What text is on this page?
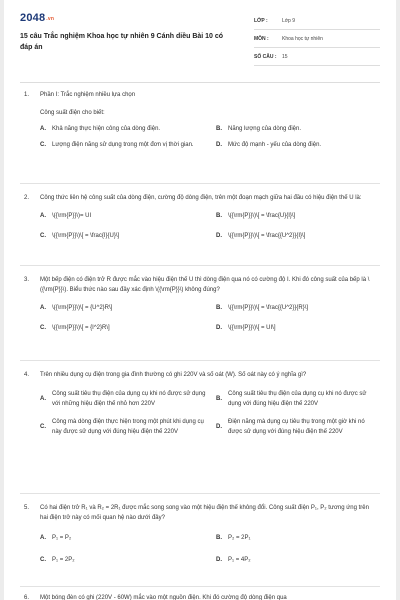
2048.vn
15 câu Trắc nghiệm Khoa học tự nhiên 9 Cánh diều Bài 10 có đáp án
LỚP :	Lớp 9
MÔN :	Khoa học tự nhiên
SỐ CÂU :	15
1. Phần I: Trắc nghiệm nhiều lựa chọn
Công suất điện cho biết:
A.	Khả năng thực hiện công của dòng điện.	B.	Năng lượng của dòng điện.
C.	Lượng điện năng sử dụng trong một đơn vị thời gian.	D.	Mức độ mạnh - yếu của dòng điện.
2. Công thức liên hệ công suất của dòng điện, cường độ dòng điện, trên một đoạn mạch giữa hai đầu có hiệu điện thế U là:
A.	\({\rm{P}}\)= UI	B.	\({\rm{P}}\)\[ = \frac{U}{I}\]
C.	\({\rm{P}}\)\[ = \frac{I}{U}\]	D.	\({\rm{P}}\)\[ = \frac{{U^2}}{I}\]
3. Một bếp điện có điện trở R được mắc vào hiệu điện thế U thì dòng điện qua nó có cường độ I. Khi đó công suất của bếp là \({\rm{P}}\). Biểu thức nào sau đây xác định \({\rm{P}}\) không đúng?
A.	\({\rm{P}}\)\[ = {U^2}R\]	B.	\({\rm{P}}\)\[ = \frac{{U^2}}{R}\]
C.	\({\rm{P}}\)\[ = {I^2}R\]	D.	\({\rm{P}}\)\[ = UI\]
4. Trên nhiều dụng cụ điện trong gia đình thường có ghi 220V và số oát (W). Số oát này có ý nghĩa gì?
A.
Công suất tiêu thụ điện của dụng cụ khi nó được sử dụng với những hiệu điện thế nhỏ hơn 220V
B.
Công suất tiêu thụ điện của dụng cụ khi nó được sử dụng với đúng hiệu điện thế 220V
C.
Công mà dòng điện thực hiện trong một phút khi dụng cụ này được sử dụng với đúng hiệu điện thế 220V
D.
Điện năng mà dụng cụ tiêu thụ trong một giờ khi nó được sử dụng với đúng hiệu điện thế 220V
5. Có hai điện trở R₁ và R₂ = 2R₁ được mắc song song vào một hiệu điện thế không đổi. Công suất điện P₁, P₂ tương ứng trên hai điện trở này có mối quan hệ nào dưới đây?
A.	P₁ = P₂	B.	P₂ = 2P₁
C.	P₁ = 2P₂	D.	P₁ = 4P₂
6. Một bóng đèn có ghi (220V - 60W) mắc vào một nguồn điện. Khi đó cường độ dòng điện qua
